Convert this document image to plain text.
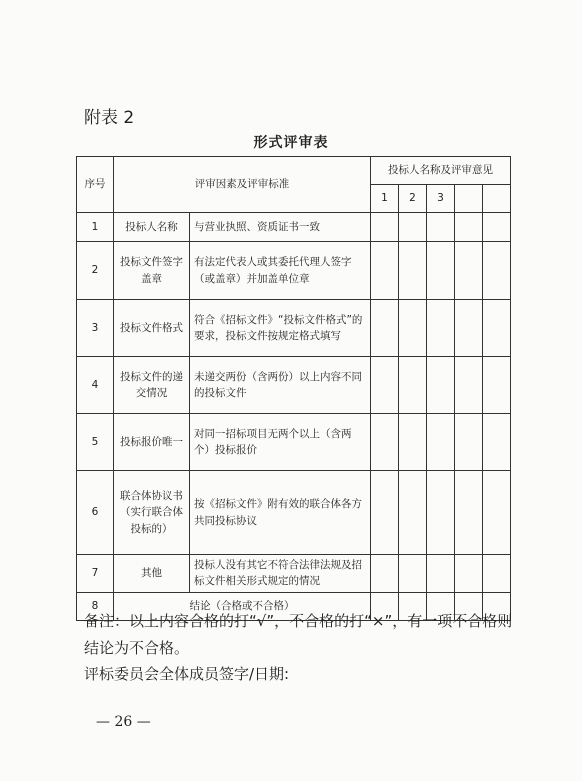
附表 2
形式评审表
序号	评审因素及评审标准		投标人名称及评审意见				
			1	2	3		
1	投标人名称	与营业执照、资质证书一致					
2	投标文件签字盖章	有法定代表人或其委托代理人签字（或盖章）并加盖单位章					
3	投标文件格式	符合《招标文件》“投标文件格式”的要求，投标文件按规定格式填写					
4	投标文件的递交情况	未递交两份（含两份）以上内容不同的投标文件					
5	投标报价唯一	对同一招标项目无两个以上（含两个）投标报价					
6	联合体协议书（实行联合体投标的）	按《招标文件》附有效的联合体各方共同投标协议					
7	其他	投标人没有其它不符合法律法规及招标文件相关形式规定的情况					
8	结论（合格或不合格）						
备注：以上内容合格的打“√”，不合格的打“×”，有一项不合格则结论为不合格。
评标委员会全体成员签字/日期:
— 26 —
